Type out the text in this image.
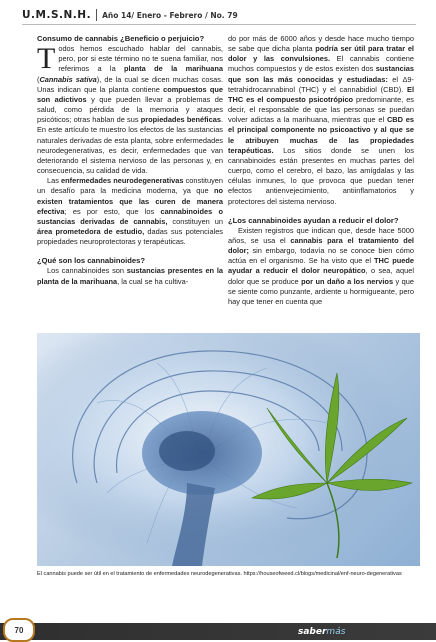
U.M.S.N.H. Año 14/ Enero - Febrero / No. 79

Consumo de cannabis ¿Beneficio o perjuicio?

Todos hemos escuchado hablar del cannabis, pero, por si este término no te suena familiar, nos referimos a la planta de la marihuana (Cannabis sativa), de la cual se dicen muchas cosas. Unas indican que la planta contiene compuestos que son adictivos y que pueden llevar a problemas de salud, como pérdida de la memoria y ataques psicóticos; otras hablan de sus propiedades benéficas. En este artículo te muestro los efectos de las sustancias naturales derivadas de esta planta, sobre enfermedades neurodegenerativas, es decir, enfermedades que van deteriorando el sistema nervioso de las personas y, en consecuencia, su calidad de vida.

Las enfermedades neurodegenerativas constituyen un desafío para la medicina moderna, ya que no existen tratamientos que las curen de manera efectiva; es por esto, que los cannabinoides o sustancias derivadas de cannabis, constituyen un área prometedora de estudio, dadas sus potenciales propiedades neuroprotectoras y terapéuticas.

¿Qué son los cannabinoides?

Los cannabinoides son sustancias presentes en la planta de la marihuana, la cual se ha cultiva-

do por más de 6000 años y desde hace mucho tiempo se sabe que dicha planta podría ser útil para tratar el dolor y las convulsiones. El cannabis contiene muchos compuestos y de estos existen dos sustancias que son las más conocidas y estudiadas: el Δ9-tetrahidrocannabinol (THC) y el cannabidiol (CBD). El THC es el compuesto psicotrópico predominante, es decir, el responsable de que las personas se puedan volver adictas a la marihuana, mientras que el CBD es el principal componente no psicoactivo y al que se le atribuyen muchas de las propiedades terapéuticas. Los sitios donde se unen los cannabinoides están presentes en muchas partes del cuerpo, como el cerebro, el bazo, las amígdalas y las células inmunes, lo que provoca que puedan tener efectos antienvejecimiento, antiinflamatorios y protectores del sistema nervioso.

¿Los cannabinoides ayudan a reducir el dolor?

Existen registros que indican que, desde hace 5000 años, se usa el cannabis para el tratamiento del dolor; sin embargo, todavía no se conoce bien cómo actúa en el organismo. Se ha visto que el THC puede ayudar a reducir el dolor neuropático, o sea, aquel dolor que se produce por un daño a los nervios y que se siente como punzante, ardiente u hormigueante, pero hay que tener en cuenta que

El cannabis puede ser útil en el tratamiento de enfermedades neurodegenerativas. https://houseofweed.cl/blogs/medicinal/enf-neuro-degenerativas
70	saber más
